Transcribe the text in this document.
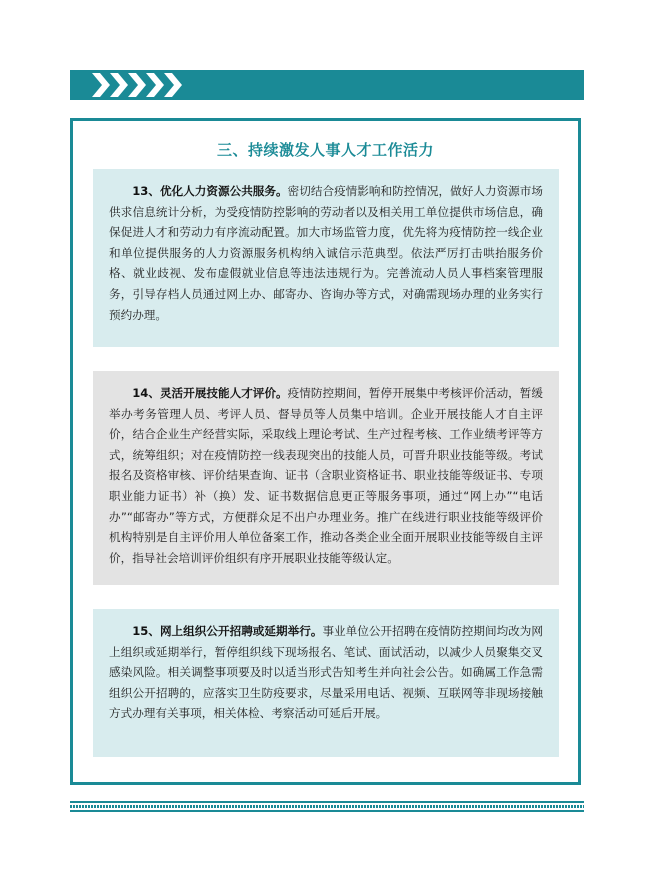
三、持续激发人事人才工作活力

13、优化人力资源公共服务。密切结合疫情影响和防控情况，做好人力资源市场供求信息统计分析，为受疫情防控影响的劳动者以及相关用工单位提供市场信息，确保促进人才和劳动力有序流动配置。加大市场监管力度，优先将为疫情防控一线企业和单位提供服务的人力资源服务机构纳入诚信示范典型。依法严厉打击哄抬服务价格、就业歧视、发布虚假就业信息等违法违规行为。完善流动人员人事档案管理服务，引导存档人员通过网上办、邮寄办、咨询办等方式，对确需现场办理的业务实行预约办理。

14、灵活开展技能人才评价。疫情防控期间，暂停开展集中考核评价活动，暂缓举办考务管理人员、考评人员、督导员等人员集中培训。企业开展技能人才自主评价，结合企业生产经营实际，采取线上理论考试、生产过程考核、工作业绩考评等方式，统筹组织；对在疫情防控一线表现突出的技能人员，可晋升职业技能等级。考试报名及资格审核、评价结果查询、证书（含职业资格证书、职业技能等级证书、专项职业能力证书）补（换）发、证书数据信息更正等服务事项，通过“网上办”“电话办”“邮寄办”等方式，方便群众足不出户办理业务。推广在线进行职业技能等级评价机构特别是自主评价用人单位备案工作，推动各类企业全面开展职业技能等级自主评价，指导社会培训评价组织有序开展职业技能等级认定。

15、网上组织公开招聘或延期举行。事业单位公开招聘在疫情防控期间均改为网上组织或延期举行，暂停组织线下现场报名、笔试、面试活动，以减少人员聚集交叉感染风险。相关调整事项要及时以适当形式告知考生并向社会公告。如确属工作急需组织公开招聘的，应落实卫生防疫要求，尽量采用电话、视频、互联网等非现场接触方式办理有关事项，相关体检、考察活动可延后开展。
